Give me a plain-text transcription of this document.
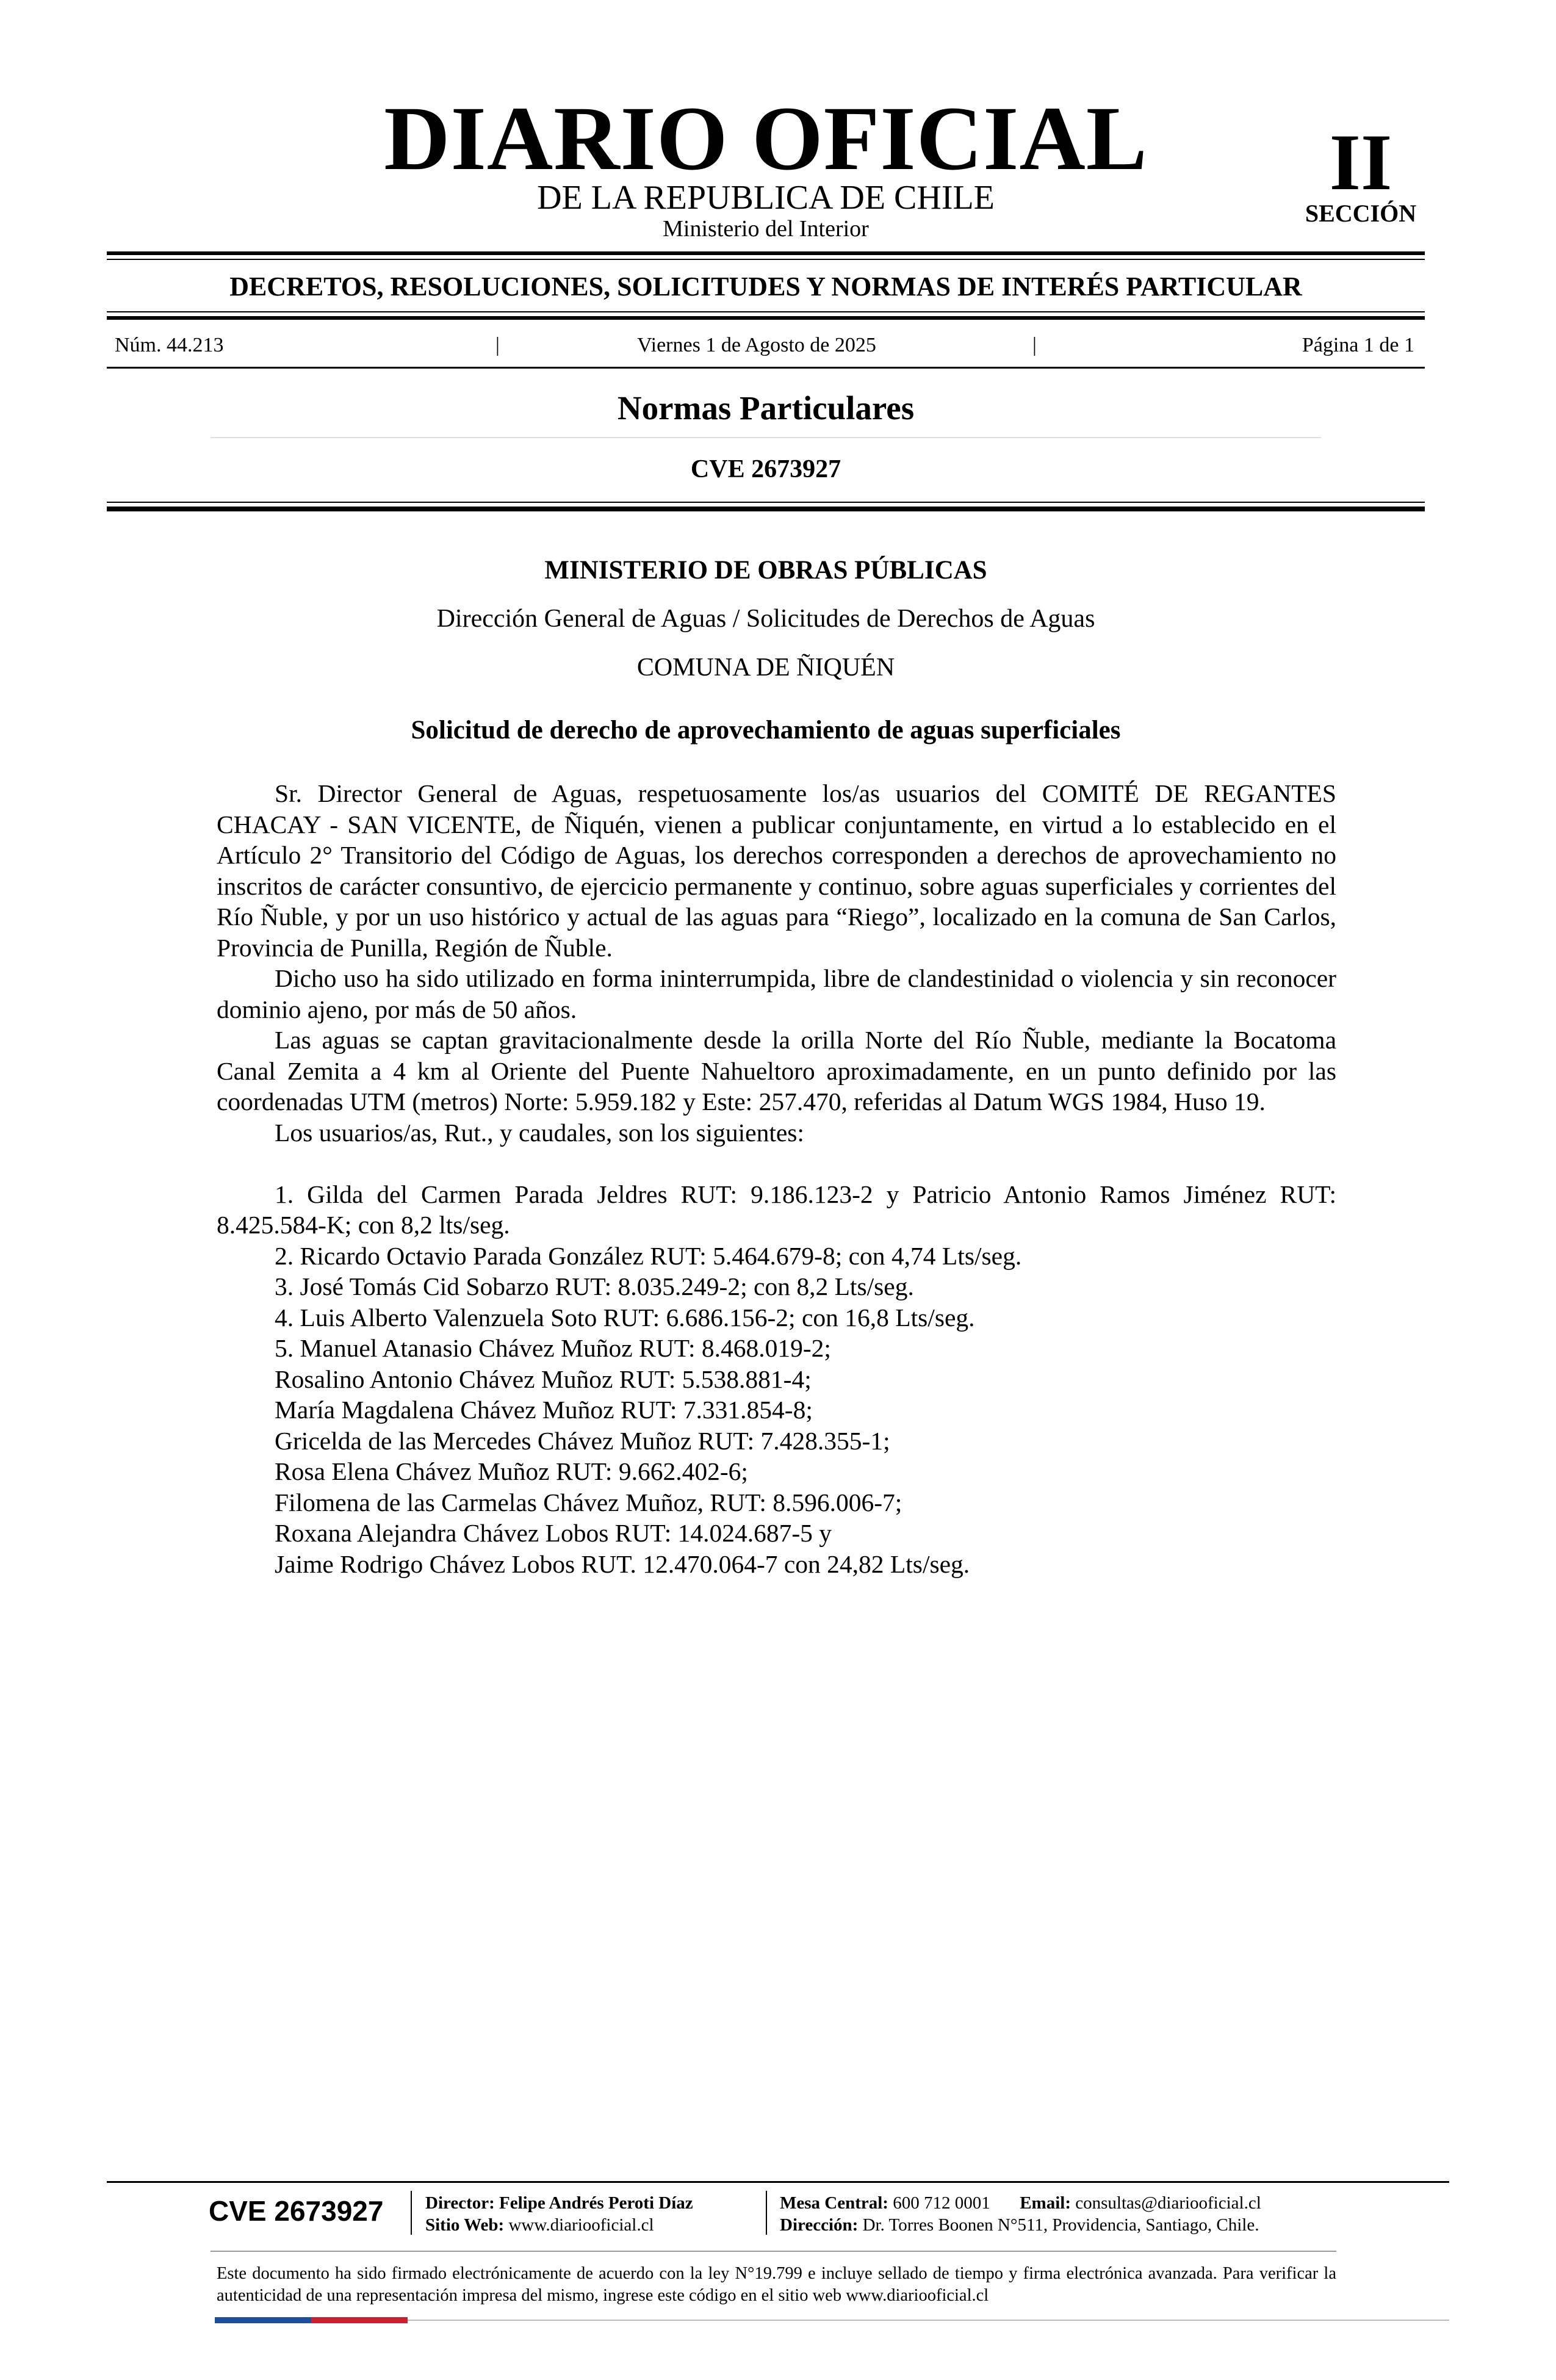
DIARIO OFICIAL
DE LA REPUBLICA DE CHILE
Ministerio del Interior
II
SECCIÓN
DECRETOS, RESOLUCIONES, SOLICITUDES Y NORMAS DE INTERÉS PARTICULAR
Núm. 44.213	|	Viernes 1 de Agosto de 2025	|	Página 1 de 1
Normas Particulares
CVE 2673927
MINISTERIO DE OBRAS PÚBLICAS
Dirección General de Aguas / Solicitudes de Derechos de Aguas
COMUNA DE ÑIQUÉN
Solicitud de derecho de aprovechamiento de aguas superficiales

Sr. Director General de Aguas, respetuosamente los/as usuarios del COMITÉ DE REGANTES CHACAY - SAN VICENTE, de Ñiquén, vienen a publicar conjuntamente, en virtud a lo establecido en el Artículo 2° Transitorio del Código de Aguas, los derechos corresponden a derechos de aprovechamiento no inscritos de carácter consuntivo, de ejercicio permanente y continuo, sobre aguas superficiales y corrientes del Río Ñuble, y por un uso histórico y actual de las aguas para “Riego”, localizado en la comuna de San Carlos, Provincia de Punilla, Región de Ñuble.

Dicho uso ha sido utilizado en forma ininterrumpida, libre de clandestinidad o violencia y sin reconocer dominio ajeno, por más de 50 años.

Las aguas se captan gravitacionalmente desde la orilla Norte del Río Ñuble, mediante la Bocatoma Canal Zemita a 4 km al Oriente del Puente Nahueltoro aproximadamente, en un punto definido por las coordenadas UTM (metros) Norte: 5.959.182 y Este: 257.470, referidas al Datum WGS 1984, Huso 19.

Los usuarios/as, Rut., y caudales, son los siguientes:

1. Gilda del Carmen Parada Jeldres RUT: 9.186.123-2 y Patricio Antonio Ramos Jiménez RUT: 8.425.584-K; con 8,2 lts/seg.

2. Ricardo Octavio Parada González RUT: 5.464.679-8; con 4,74 Lts/seg.

3. José Tomás Cid Sobarzo RUT: 8.035.249-2; con 8,2 Lts/seg.

4. Luis Alberto Valenzuela Soto RUT: 6.686.156-2; con 16,8 Lts/seg.

5. Manuel Atanasio Chávez Muñoz RUT: 8.468.019-2;

Rosalino Antonio Chávez Muñoz RUT: 5.538.881-4;
María Magdalena Chávez Muñoz RUT: 7.331.854-8;
Gricelda de las Mercedes Chávez Muñoz RUT: 7.428.355-1;
Rosa Elena Chávez Muñoz RUT: 9.662.402-6;
Filomena de las Carmelas Chávez Muñoz, RUT: 8.596.006-7;
Roxana Alejandra Chávez Lobos RUT: 14.024.687-5 y
Jaime Rodrigo Chávez Lobos RUT. 12.470.064-7 con 24,82 Lts/seg.
CVE 2673927	Director: Felipe Andrés Peroti Díaz
Sitio Web: www.diariooficial.cl
Mesa Central: 600 712 0001 Email: consultas@diariooficial.cl
Dirección: Dr. Torres Boonen N°511, Providencia, Santiago, Chile.
Este documento ha sido firmado electrónicamente de acuerdo con la ley N°19.799 e incluye sellado de tiempo y firma electrónica avanzada. Para verificar la autenticidad de una representación impresa del mismo, ingrese este código en el sitio web www.diariooficial.cl
